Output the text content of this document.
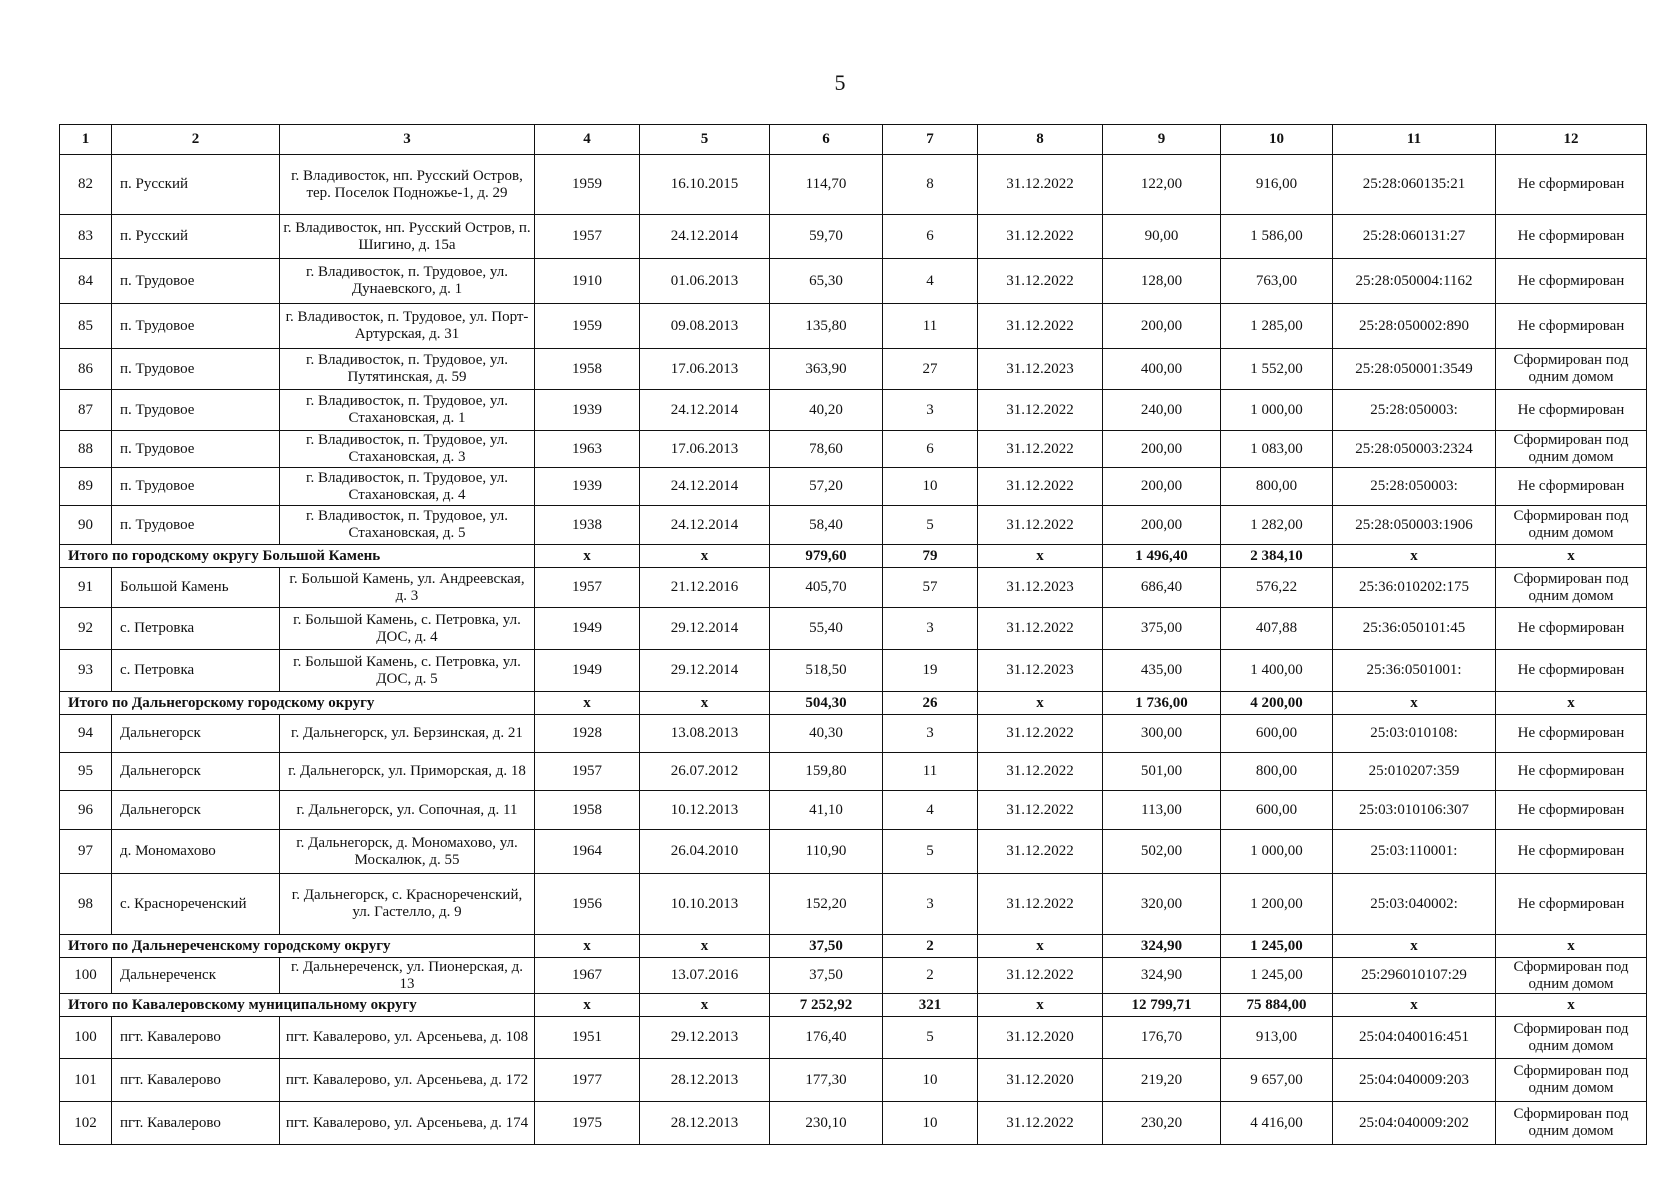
5
1	2	3	4	5	6	7	8	9	10	11	12
82	п. Русский	г. Владивосток, нп. Русский Остров, тер. Поселок Подножье-1, д. 29	1959	16.10.2015	114,70	8	31.12.2022	122,00	916,00	25:28:060135:21	Не сформирован
83	п. Русский	г. Владивосток, нп. Русский Остров, п. Шигино, д. 15а	1957	24.12.2014	59,70	6	31.12.2022	90,00	1 586,00	25:28:060131:27	Не сформирован
84	п. Трудовое	г. Владивосток, п. Трудовое, ул. Дунаевского, д. 1	1910	01.06.2013	65,30	4	31.12.2022	128,00	763,00	25:28:050004:1162	Не сформирован
85	п. Трудовое	г. Владивосток, п. Трудовое, ул. Порт-Артурская, д. 31	1959	09.08.2013	135,80	11	31.12.2022	200,00	1 285,00	25:28:050002:890	Не сформирован
86	п. Трудовое	г. Владивосток, п. Трудовое, ул. Путятинская, д. 59	1958	17.06.2013	363,90	27	31.12.2023	400,00	1 552,00	25:28:050001:3549	Сформирован под одним домом
87	п. Трудовое	г. Владивосток, п. Трудовое, ул. Стахановская, д. 1	1939	24.12.2014	40,20	3	31.12.2022	240,00	1 000,00	25:28:050003:	Не сформирован
88	п. Трудовое	г. Владивосток, п. Трудовое, ул. Стахановская, д. 3	1963	17.06.2013	78,60	6	31.12.2022	200,00	1 083,00	25:28:050003:2324	Сформирован под одним домом
89	п. Трудовое	г. Владивосток, п. Трудовое, ул. Стахановская, д. 4	1939	24.12.2014	57,20	10	31.12.2022	200,00	800,00	25:28:050003:	Не сформирован
90	п. Трудовое	г. Владивосток, п. Трудовое, ул. Стахановская, д. 5	1938	24.12.2014	58,40	5	31.12.2022	200,00	1 282,00	25:28:050003:1906	Сформирован под одним домом
Итого по городскому округу Большой Камень			x	x	979,60	79	x	1 496,40	2 384,10	x	x
91	Большой Камень	г. Большой Камень, ул. Андреевская, д. 3	1957	21.12.2016	405,70	57	31.12.2023	686,40	576,22	25:36:010202:175	Сформирован под одним домом
92	с. Петровка	г. Большой Камень, с. Петровка, ул. ДОС, д. 4	1949	29.12.2014	55,40	3	31.12.2022	375,00	407,88	25:36:050101:45	Не сформирован
93	с. Петровка	г. Большой Камень, с. Петровка, ул. ДОС, д. 5	1949	29.12.2014	518,50	19	31.12.2023	435,00	1 400,00	25:36:0501001:	Не сформирован
Итого по Дальнегорскому городскому округу			x	x	504,30	26	x	1 736,00	4 200,00	x	x
94	Дальнегорск	г. Дальнегорск, ул. Берзинская, д. 21	1928	13.08.2013	40,30	3	31.12.2022	300,00	600,00	25:03:010108:	Не сформирован
95	Дальнегорск	г. Дальнегорск, ул. Приморская, д. 18	1957	26.07.2012	159,80	11	31.12.2022	501,00	800,00	25:010207:359	Не сформирован
96	Дальнегорск	г. Дальнегорск, ул. Сопочная, д. 11	1958	10.12.2013	41,10	4	31.12.2022	113,00	600,00	25:03:010106:307	Не сформирован
97	д. Мономахово	г. Дальнегорск, д. Мономахово, ул. Москалюк, д. 55	1964	26.04.2010	110,90	5	31.12.2022	502,00	1 000,00	25:03:110001:	Не сформирован
98	с. Краснореченский	г. Дальнегорск, с. Краснореченский, ул. Гастелло, д. 9	1956	10.10.2013	152,20	3	31.12.2022	320,00	1 200,00	25:03:040002:	Не сформирован
Итого по Дальнереченскому городскому округу			x	x	37,50	2	x	324,90	1 245,00	x	x
100	Дальнереченск	г. Дальнереченск, ул. Пионерская, д. 13	1967	13.07.2016	37,50	2	31.12.2022	324,90	1 245,00	25:296010107:29	Сформирован под одним домом
Итого по Кавалеровскому муниципальному округу			x	x	7 252,92	321	x	12 799,71	75 884,00	x	x
100	пгт. Кавалерово	пгт. Кавалерово, ул. Арсеньева, д. 108	1951	29.12.2013	176,40	5	31.12.2020	176,70	913,00	25:04:040016:451	Сформирован под одним домом
101	пгт. Кавалерово	пгт. Кавалерово, ул. Арсеньева, д. 172	1977	28.12.2013	177,30	10	31.12.2020	219,20	9 657,00	25:04:040009:203	Сформирован под одним домом
102	пгт. Кавалерово	пгт. Кавалерово, ул. Арсеньева, д. 174	1975	28.12.2013	230,10	10	31.12.2022	230,20	4 416,00	25:04:040009:202	Сформирован под одним домом
